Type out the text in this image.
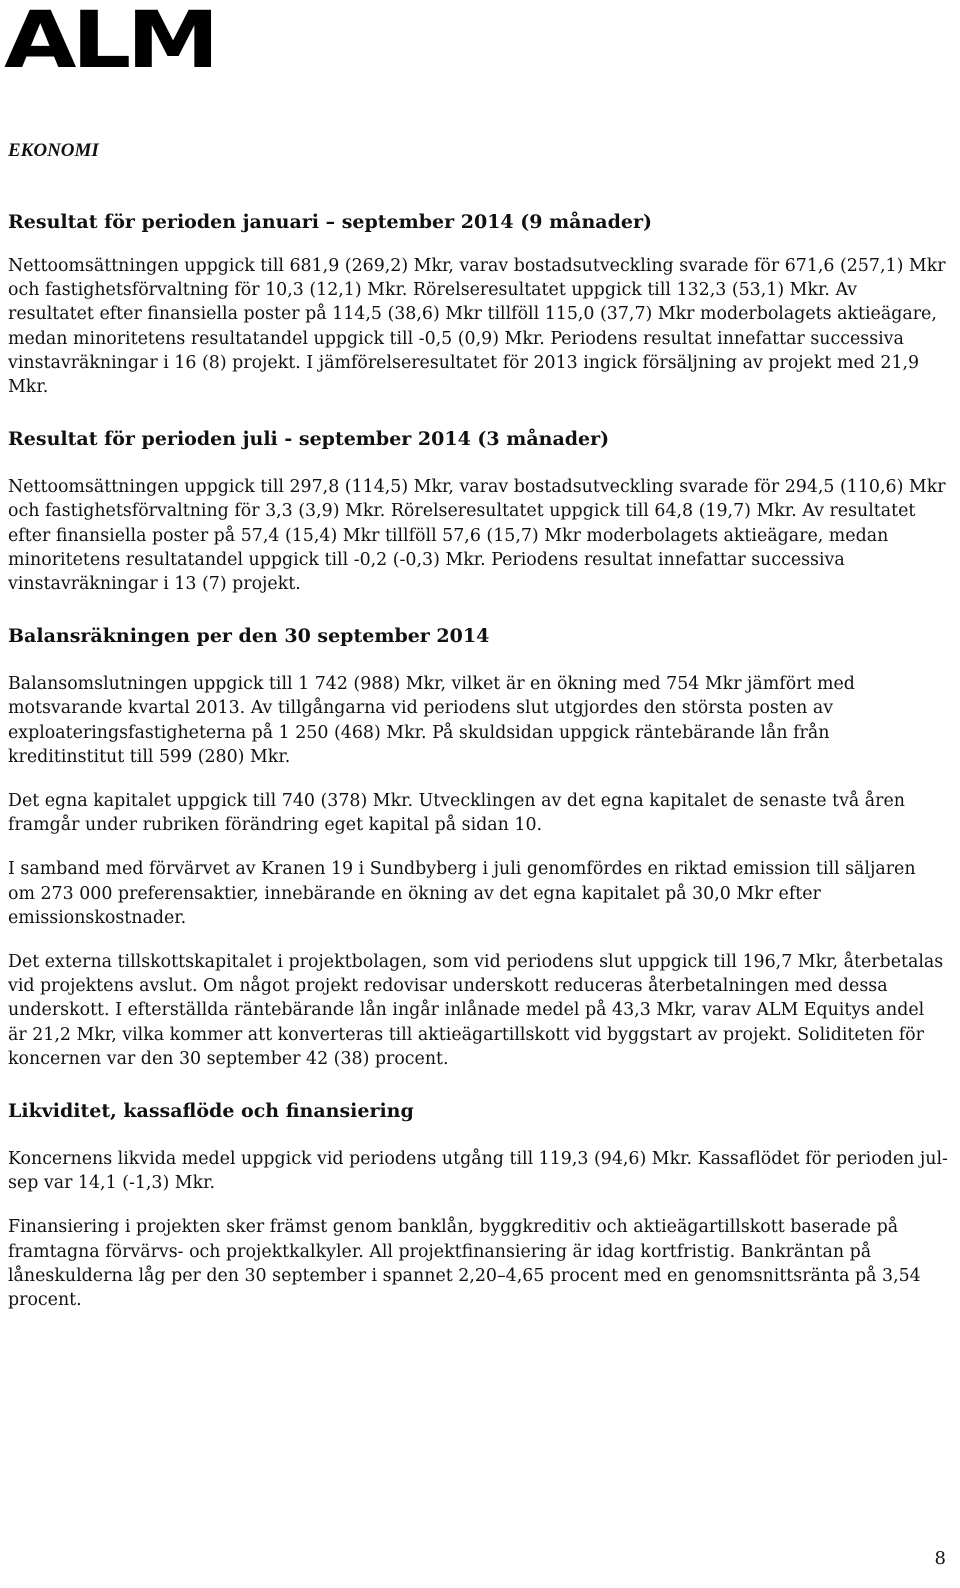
ALM
EKONOMI
Resultat för perioden januari – september 2014 (9 månader)
Nettoomsättningen uppgick till 681,9 (269,2) Mkr, varav bostadsutveckling svarade för 671,6 (257,1) Mkr och fastighetsförvaltning för 10,3 (12,1) Mkr. Rörelseresultatet uppgick till 132,3 (53,1) Mkr. Av resultatet efter finansiella poster på 114,5 (38,6) Mkr tillföll 115,0 (37,7) Mkr moderbolagets aktieägare, medan minoritetens resultatandel uppgick till -0,5 (0,9) Mkr. Periodens resultat innefattar successiva vinstavräkningar i 16 (8) projekt. I jämförelseresultatet för 2013 ingick försäljning av projekt med 21,9 Mkr.
Resultat för perioden juli - september 2014 (3 månader)
Nettoomsättningen uppgick till 297,8 (114,5) Mkr, varav bostadsutveckling svarade för 294,5 (110,6) Mkr och fastighetsförvaltning för 3,3 (3,9) Mkr. Rörelseresultatet uppgick till 64,8 (19,7) Mkr. Av resultatet efter finansiella poster på 57,4 (15,4) Mkr tillföll 57,6 (15,7) Mkr moderbolagets aktieägare, medan minoritetens resultatandel uppgick till -0,2 (-0,3) Mkr. Periodens resultat innefattar successiva vinstavräkningar i 13 (7) projekt.
Balansräkningen per den 30 september 2014
Balansomslutningen uppgick till 1 742 (988) Mkr, vilket är en ökning med 754 Mkr jämfört med motsvarande kvartal 2013. Av tillgångarna vid periodens slut utgjordes den största posten av exploateringsfastigheterna på 1 250 (468) Mkr. På skuldsidan uppgick räntebärande lån från kreditinstitut till 599 (280) Mkr.
Det egna kapitalet uppgick till 740 (378) Mkr. Utvecklingen av det egna kapitalet de senaste två åren framgår under rubriken förändring eget kapital på sidan 10.
I samband med förvärvet av Kranen 19 i Sundbyberg i juli genomfördes en riktad emission till säljaren om 273 000 preferensaktier, innebärande en ökning av det egna kapitalet på 30,0 Mkr efter emissionskostnader.
Det externa tillskottskapitalet i projektbolagen, som vid periodens slut uppgick till 196,7 Mkr, återbetalas vid projektens avslut. Om något projekt redovisar underskott reduceras återbetalningen med dessa underskott. I efterställda räntebärande lån ingår inlånade medel på 43,3 Mkr, varav ALM Equitys andel är 21,2 Mkr, vilka kommer att konverteras till aktieägartillskott vid byggstart av projekt. Soliditeten för koncernen var den 30 september 42 (38) procent.
Likviditet, kassaflöde och finansiering
Koncernens likvida medel uppgick vid periodens utgång till 119,3 (94,6) Mkr. Kassaflödet för perioden jul-sep var 14,1 (-1,3) Mkr.
Finansiering i projekten sker främst genom banklån, byggkreditiv och aktieägartillskott baserade på framtagna förvärvs- och projektkalkyler. All projektfinansiering är idag kortfristig. Bankräntan på låneskulderna låg per den 30 september i spannet 2,20–4,65 procent med en genomsnittsränta på 3,54 procent.
8
